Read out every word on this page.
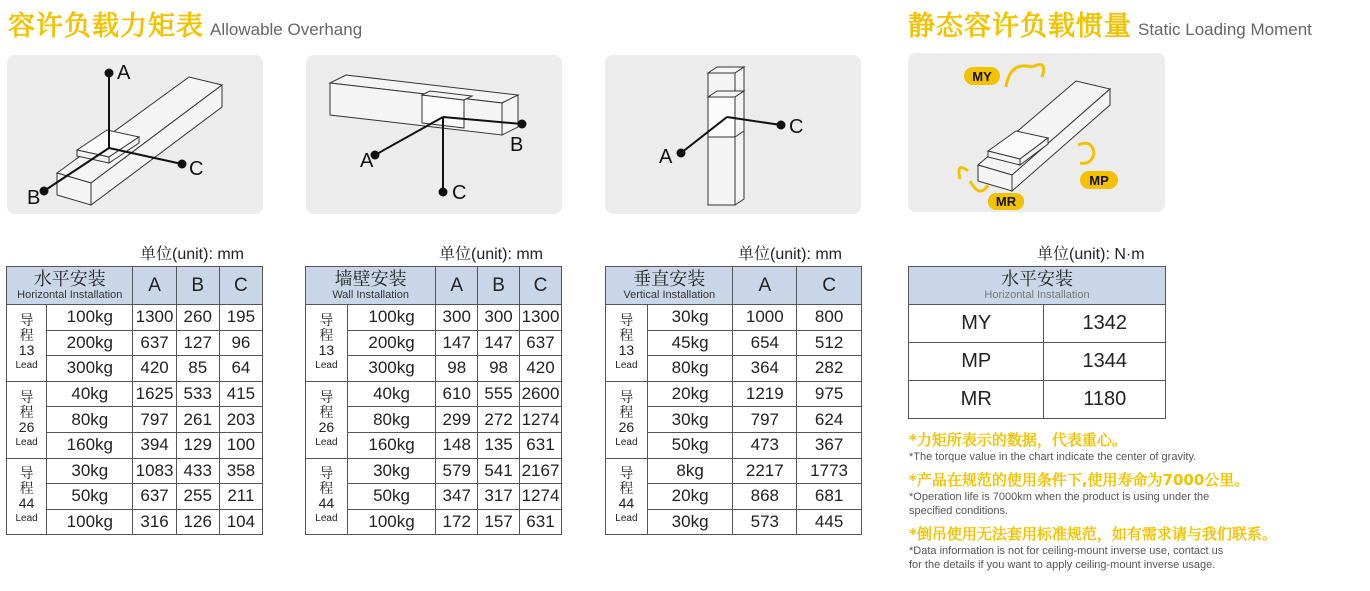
容许负载力矩表 Allowable Overhang	静态容许负载惯量 Static Loading Moment
A
C
B
B
C
A
C
A
MY
MP
MR
单位(unit): mm	单位(unit): mm	单位(unit): mm	单位(unit): N·m
水平安装
Horizontal Installation		A	B	C

导
程
13
Lead	100kg	1300	260	195
	200kg	637	127	96
	300kg	420	85	64

导
程
26
Lead	40kg	1625	533	415
	80kg	797	261	203
	160kg	394	129	100

导
程
44
Lead	30kg	1083	433	358
	50kg	637	255	211
	100kg	316	126	104
墙壁安装
Wall Installation		A	B	C

导
程
13
Lead	100kg	300	300	1300
	200kg	147	147	637
	300kg	98	98	420

导
程
26
Lead	40kg	610	555	2600
	80kg	299	272	1274
	160kg	148	135	631

导
程
44
Lead	30kg	579	541	2167
	50kg	347	317	1274
	100kg	172	157	631
垂直安装
Vertical Installation		A	C

导
程
13
Lead	30kg	1000	800
	45kg	654	512
	80kg	364	282

导
程
26
Lead	20kg	1219	975
	30kg	797	624
	50kg	473	367

导
程
44
Lead	8kg	2217	1773
	20kg	868	681
	30kg	573	445
水平安装
Horizontal Installation	

MY	1342
MP	1344
MR	1180
*力矩所表示的数据，代表重心。
*The torque value in the chart indicate the center of gravity.
*产品在规范的使用条件下,使用寿命为7000公里。
*Operation life is 7000km when the product is using under the
specified conditions.
*倒吊使用无法套用标准规范，如有需求请与我们联系。
*Data information is not for ceiling-mount inverse use, contact us
for the details if you want to apply ceiling-mount inverse usage.
